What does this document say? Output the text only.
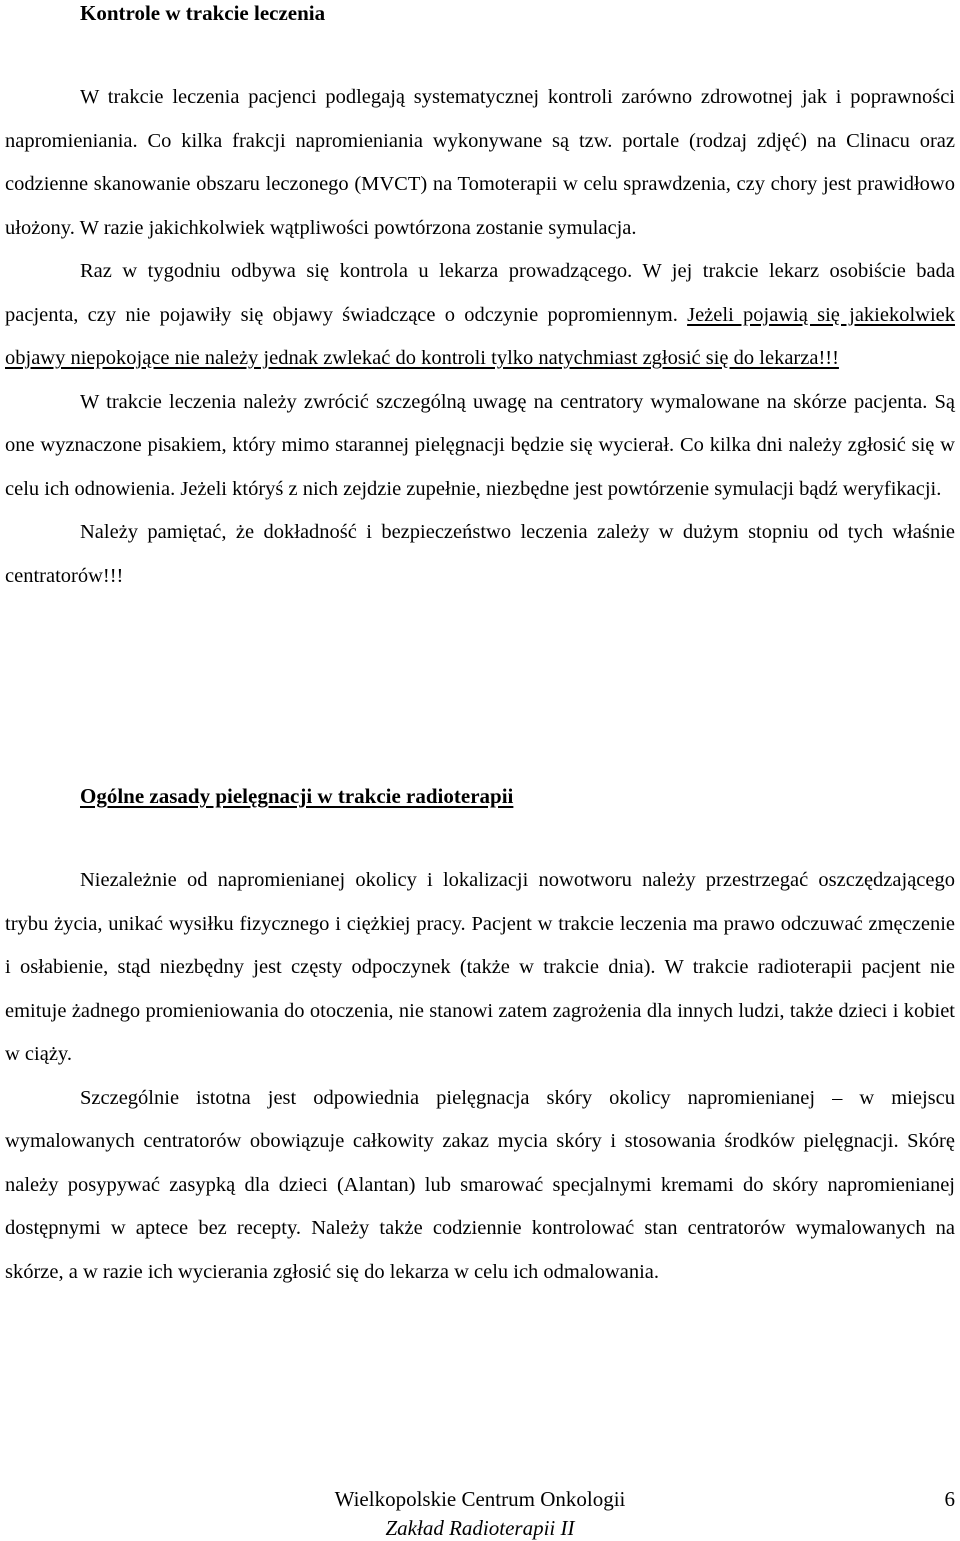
Kontrole w trakcie leczenia

W trakcie leczenia pacjenci podlegają systematycznej kontroli zarówno zdrowotnej jak i poprawności napromieniania. Co kilka frakcji napromieniania wykonywane są tzw. portale (rodzaj zdjęć) na Clinacu oraz codzienne skanowanie obszaru leczonego (MVCT) na Tomoterapii w celu sprawdzenia, czy chory jest prawidłowo ułożony. W razie jakichkolwiek wątpliwości powtórzona zostanie symulacja.

Raz w tygodniu odbywa się kontrola u lekarza prowadzącego. W jej trakcie lekarz osobiście bada pacjenta, czy nie pojawiły się objawy świadczące o odczynie popromiennym. Jeżeli pojawią się jakiekolwiek objawy niepokojące nie należy jednak zwlekać do kontroli tylko natychmiast zgłosić się do lekarza!!!

W trakcie leczenia należy zwrócić szczególną uwagę na centratory wymalowane na skórze pacjenta. Są one wyznaczone pisakiem, który mimo starannej pielęgnacji będzie się wycierał. Co kilka dni należy zgłosić się w celu ich odnowienia. Jeżeli któryś z nich zejdzie zupełnie, niezbędne jest powtórzenie symulacji bądź weryfikacji.

Należy pamiętać, że dokładność i bezpieczeństwo leczenia zależy w dużym stopniu od tych właśnie centratorów!!!

Ogólne zasady pielęgnacji w trakcie radioterapii

Niezależnie od napromienianej okolicy i lokalizacji nowotworu należy przestrzegać oszczędzającego trybu życia, unikać wysiłku fizycznego i ciężkiej pracy. Pacjent w trakcie leczenia ma prawo odczuwać zmęczenie i osłabienie, stąd niezbędny jest częsty odpoczynek (także w trakcie dnia). W trakcie radioterapii pacjent nie emituje żadnego promieniowania do otoczenia, nie stanowi zatem zagrożenia dla innych ludzi, także dzieci i kobiet w ciąży.

Szczególnie istotna jest odpowiednia pielęgnacja skóry okolicy napromienianej – w miejscu wymalowanych centratorów obowiązuje całkowity zakaz mycia skóry i stosowania środków pielęgnacji. Skórę należy posypywać zasypką dla dzieci (Alantan) lub smarować specjalnymi kremami do skóry napromienianej dostępnymi w aptece bez recepty. Należy także codziennie kontrolować stan centratorów wymalowanych na skórze, a w razie ich wycierania zgłosić się do lekarza w celu ich odmalowania.

Wielkopolskie Centrum Onkologii

Zakład Radioterapii II

6
